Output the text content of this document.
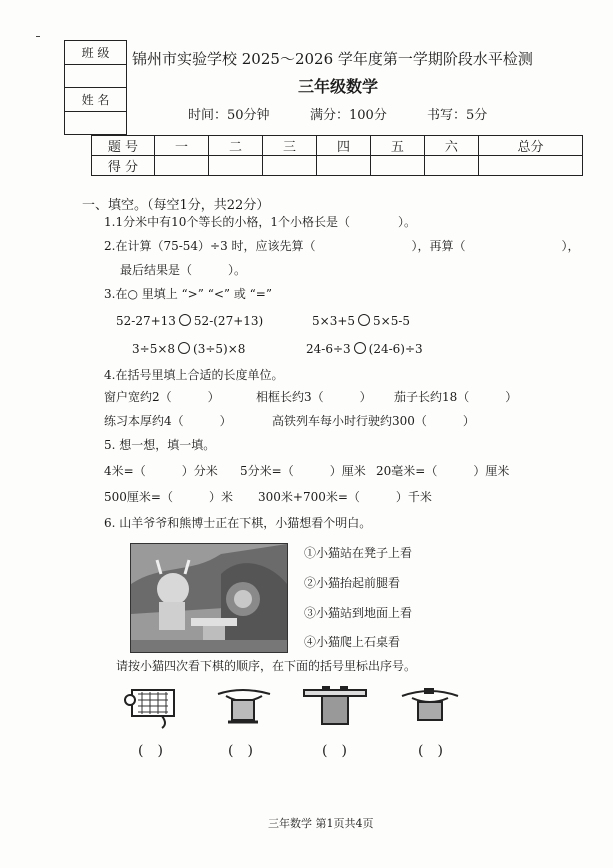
班 级

姓 名

锦州市实验学校 2025～2026 学年度第一学期阶段水平检测
三年级数学
时间：50分钟	满分：100分	书写：5分
题 号	一	二	三	四	五	六	总分
得 分							
一、填空。（每空1分，共22分）
1.1分米中有10个等长的小格，1个小格长是（　　　　）。
2.在计算（75-54）÷3 时，应该先算（　　　　　　　　），再算（　　　　　　　　），
最后结果是（　　　）。
3.在○ 里填上 “>” “<” 或 “=”
52-27+13 52-(27+13)	5×3+5 5×5-5
3÷5×8 (3÷5)×8	24-6÷3 (24-6)÷3
4.在括号里填上合适的长度单位。
窗户宽约2（　　　）	相框长约3（　　　） 茄子长约18（　　　）
练习本厚约4（　　　）	高铁列车每小时行驶约300（　　　）
5. 想一想，填一填。
4米=（　　　）分米 5分米=（　　　）厘米 20毫米=（　　　）厘米
500厘米=（　　　）米 300米+700米=（　　　）千米
6. 山羊爷爷和熊博士正在下棋，小猫想看个明白。
①小猫站在凳子上看
②小猫抬起前腿看
③小猫站到地面上看
④小猫爬上石桌看
请按小猫四次看下棋的顺序，在下面的括号里标出序号。
(　)	(　)	(　)	(　)
三年数学 第1页共4页
